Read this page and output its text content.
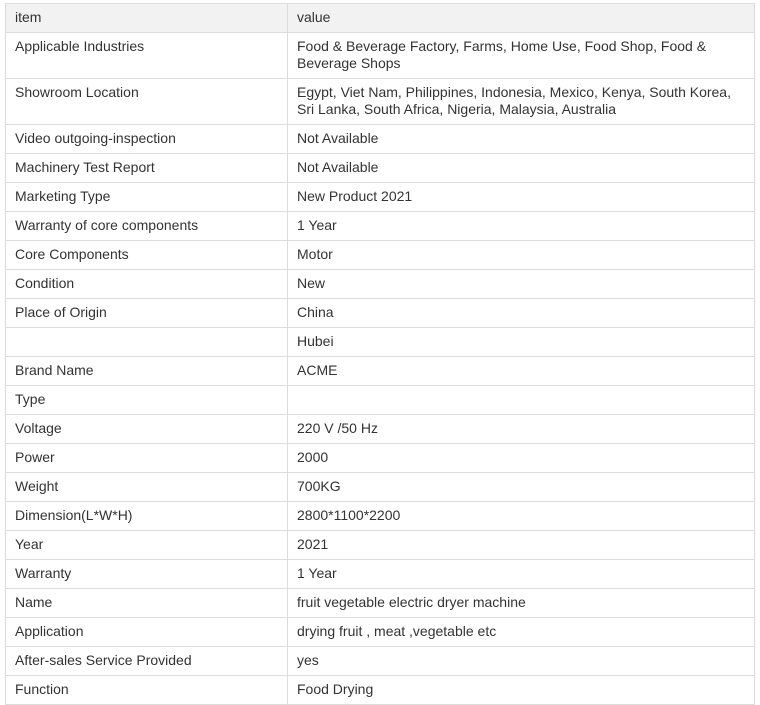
item	value
Applicable Industries	Food & Beverage Factory, Farms, Home Use, Food Shop, Food & Beverage Shops
Showroom Location	Egypt, Viet Nam, Philippines, Indonesia, Mexico, Kenya, South Korea, Sri Lanka, South Africa, Nigeria, Malaysia, Australia
Video outgoing-inspection	Not Available
Machinery Test Report	Not Available
Marketing Type	New Product 2021
Warranty of core components	1 Year
Core Components	Motor
Condition	New
Place of Origin	China
	Hubei
Brand Name	ACME
Type	
Voltage	220 V /50 Hz
Power	2000
Weight	700KG
Dimension(L*W*H)	2800*1100*2200
Year	2021
Warranty	1 Year
Name	fruit vegetable electric dryer machine
Application	drying fruit , meat ,vegetable etc
After-sales Service Provided	yes
Function	Food Drying
